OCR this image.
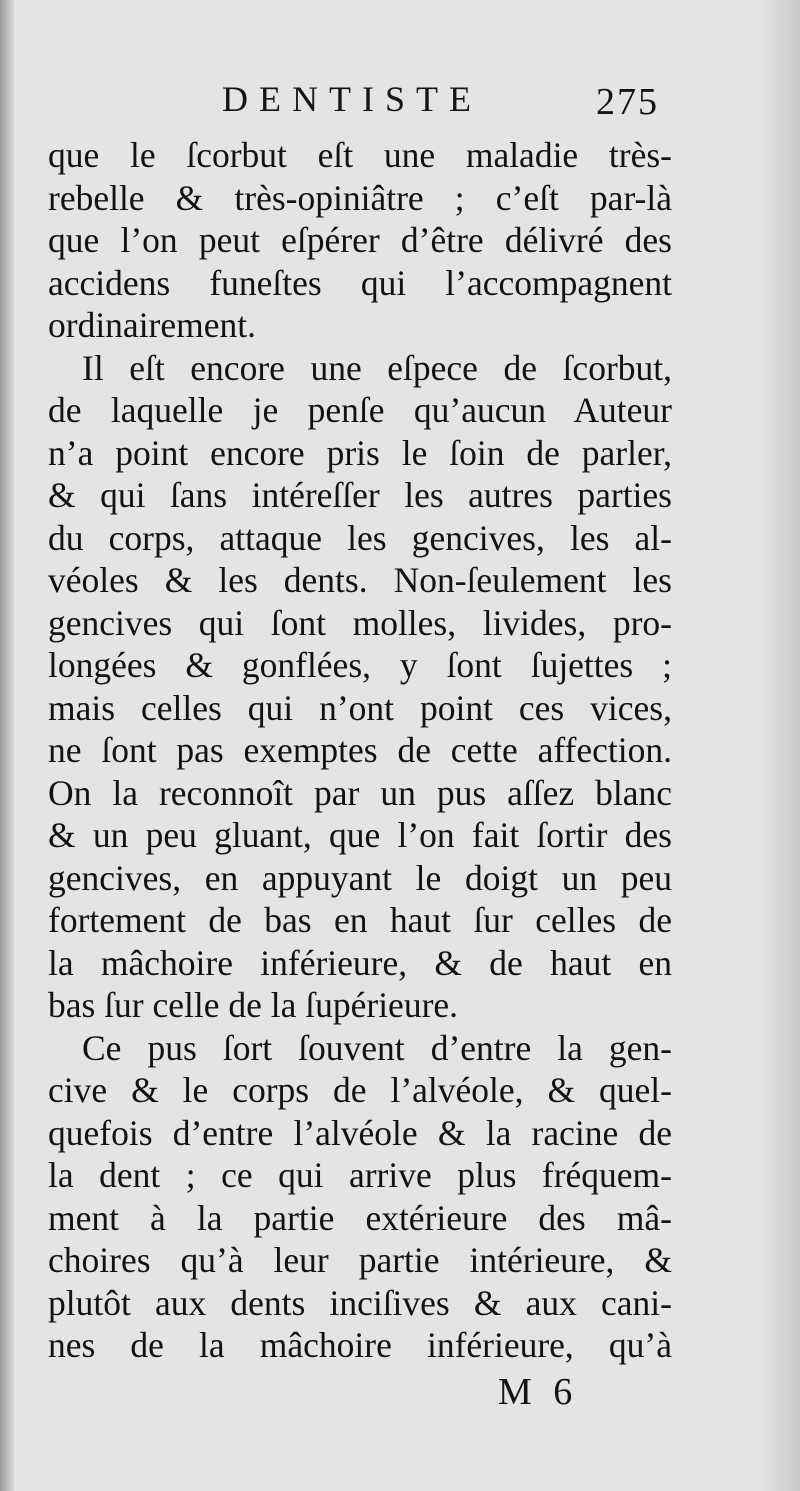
DENTISTE	275
que le ſcorbut eſt une maladie très-
rebelle & très-opiniâtre ; c’eſt par-là
que l’on peut eſpérer d’être délivré des
accidens funeſtes qui l’accompagnent
ordinairement.
Il eſt encore une eſpece de ſcorbut,
de laquelle je penſe qu’aucun Auteur
n’a point encore pris le ſoin de parler,
& qui ſans intéreſſer les autres parties
du corps, attaque les gencives, les al-
véoles & les dents. Non-ſeulement les
gencives qui ſont molles, livides, pro-
longées & gonflées, y ſont ſujettes ;
mais celles qui n’ont point ces vices,
ne ſont pas exemptes de cette affection.
On la reconnoît par un pus aſſez blanc
& un peu gluant, que l’on fait ſortir des
gencives, en appuyant le doigt un peu
fortement de bas en haut ſur celles de
la mâchoire inférieure, & de haut en
bas ſur celle de la ſupérieure.
Ce pus ſort ſouvent d’entre la gen-
cive & le corps de l’alvéole, & quel-
quefois d’entre l’alvéole & la racine de
la dent ; ce qui arrive plus fréquem-
ment à la partie extérieure des mâ-
choires qu’à leur partie intérieure, &
plutôt aux dents inciſives & aux cani-
nes de la mâchoire inférieure, qu’à
M 6
